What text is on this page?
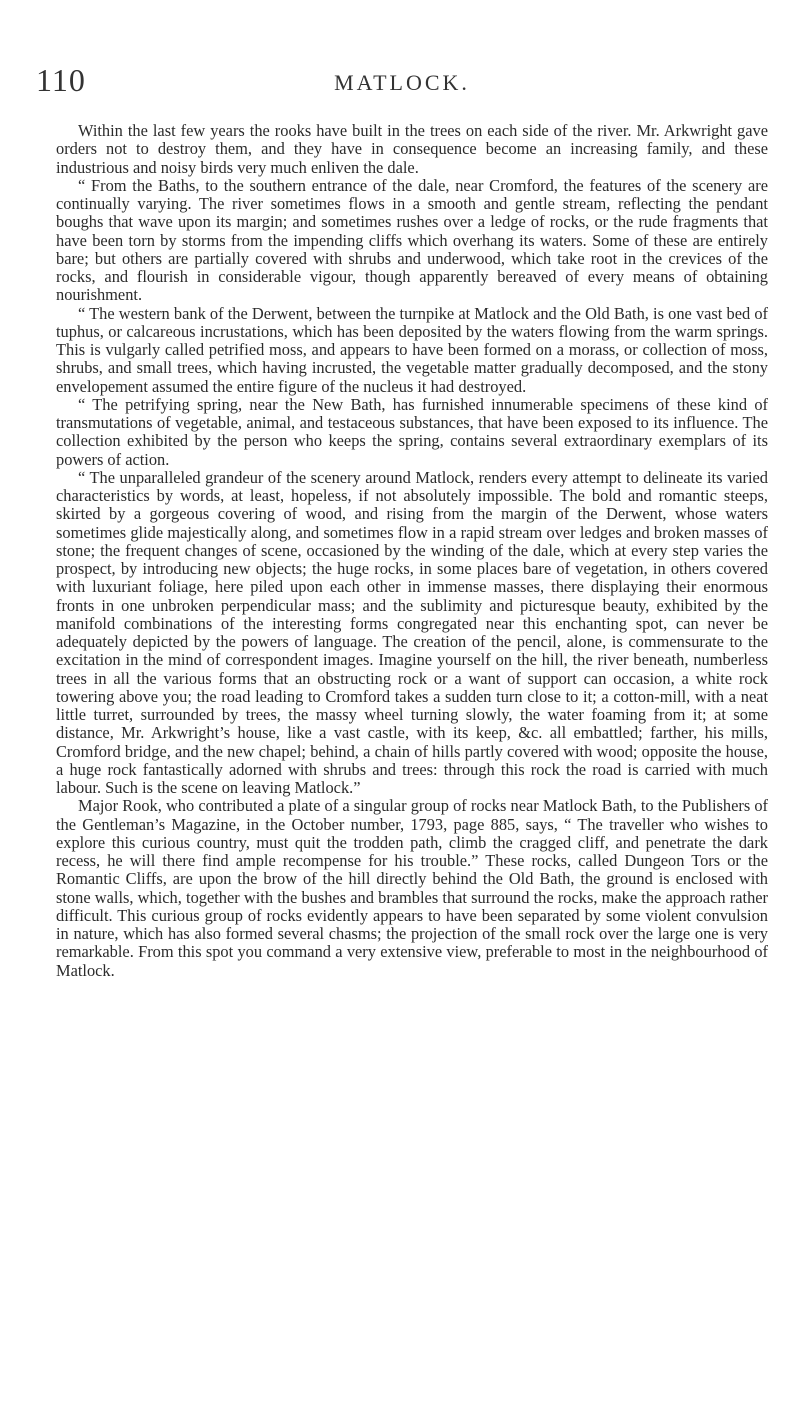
110	MATLOCK.

Within the last few years the rooks have built in the trees on each side of the river. Mr. Arkwright gave orders not to destroy them, and they have in consequence become an increasing family, and these industrious and noisy birds very much enliven the dale.

“ From the Baths, to the southern entrance of the dale, near Cromford, the features of the scenery are continually varying. The river sometimes flows in a smooth and gentle stream, reflecting the pendant boughs that wave upon its margin; and sometimes rushes over a ledge of rocks, or the rude fragments that have been torn by storms from the impending cliffs which overhang its waters. Some of these are entirely bare; but others are partially covered with shrubs and underwood, which take root in the crevices of the rocks, and flourish in considerable vigour, though apparently bereaved of every means of obtaining nourishment.

“ The western bank of the Derwent, between the turnpike at Matlock and the Old Bath, is one vast bed of tuphus, or calcareous incrustations, which has been deposited by the waters flowing from the warm springs. This is vulgarly called petrified moss, and appears to have been formed on a morass, or collection of moss, shrubs, and small trees, which having incrusted, the vegetable matter gradually decomposed, and the stony envelopement assumed the entire figure of the nucleus it had destroyed.

“ The petrifying spring, near the New Bath, has furnished innumerable specimens of these kind of transmutations of vegetable, animal, and testaceous substances, that have been exposed to its influence. The collection exhibited by the person who keeps the spring, contains several extraordinary exemplars of its powers of action.

“ The unparalleled grandeur of the scenery around Matlock, renders every attempt to delineate its varied characteristics by words, at least, hopeless, if not absolutely impossible. The bold and romantic steeps, skirted by a gorgeous covering of wood, and rising from the margin of the Derwent, whose waters sometimes glide majestically along, and sometimes flow in a rapid stream over ledges and broken masses of stone; the frequent changes of scene, occasioned by the winding of the dale, which at every step varies the prospect, by introducing new objects; the huge rocks, in some places bare of vegetation, in others covered with luxuriant foliage, here piled upon each other in immense masses, there displaying their enormous fronts in one unbroken perpendicular mass; and the sublimity and picturesque beauty, exhibited by the manifold combinations of the interesting forms congregated near this enchanting spot, can never be adequately depicted by the powers of language. The creation of the pencil, alone, is commensurate to the excitation in the mind of correspondent images. Imagine yourself on the hill, the river beneath, numberless trees in all the various forms that an obstructing rock or a want of support can occasion, a white rock towering above you; the road leading to Cromford takes a sudden turn close to it; a cotton-mill, with a neat little turret, surrounded by trees, the massy wheel turning slowly, the water foaming from it; at some distance, Mr. Arkwright’s house, like a vast castle, with its keep, &c. all embattled; farther, his mills, Cromford bridge, and the new chapel; behind, a chain of hills partly covered with wood; opposite the house, a huge rock fantastically adorned with shrubs and trees: through this rock the road is carried with much labour. Such is the scene on leaving Matlock.”

Major Rook, who contributed a plate of a singular group of rocks near Matlock Bath, to the Publishers of the Gentleman’s Magazine, in the October number, 1793, page 885, says, “ The traveller who wishes to explore this curious country, must quit the trodden path, climb the cragged cliff, and penetrate the dark recess, he will there find ample recompense for his trouble.” These rocks, called Dungeon Tors or the Romantic Cliffs, are upon the brow of the hill directly behind the Old Bath, the ground is enclosed with stone walls, which, together with the bushes and brambles that surround the rocks, make the approach rather difficult. This curious group of rocks evidently appears to have been separated by some violent convulsion in nature, which has also formed several chasms; the projection of the small rock over the large one is very remarkable. From this spot you command a very extensive view, preferable to most in the neighbourhood of Matlock.
